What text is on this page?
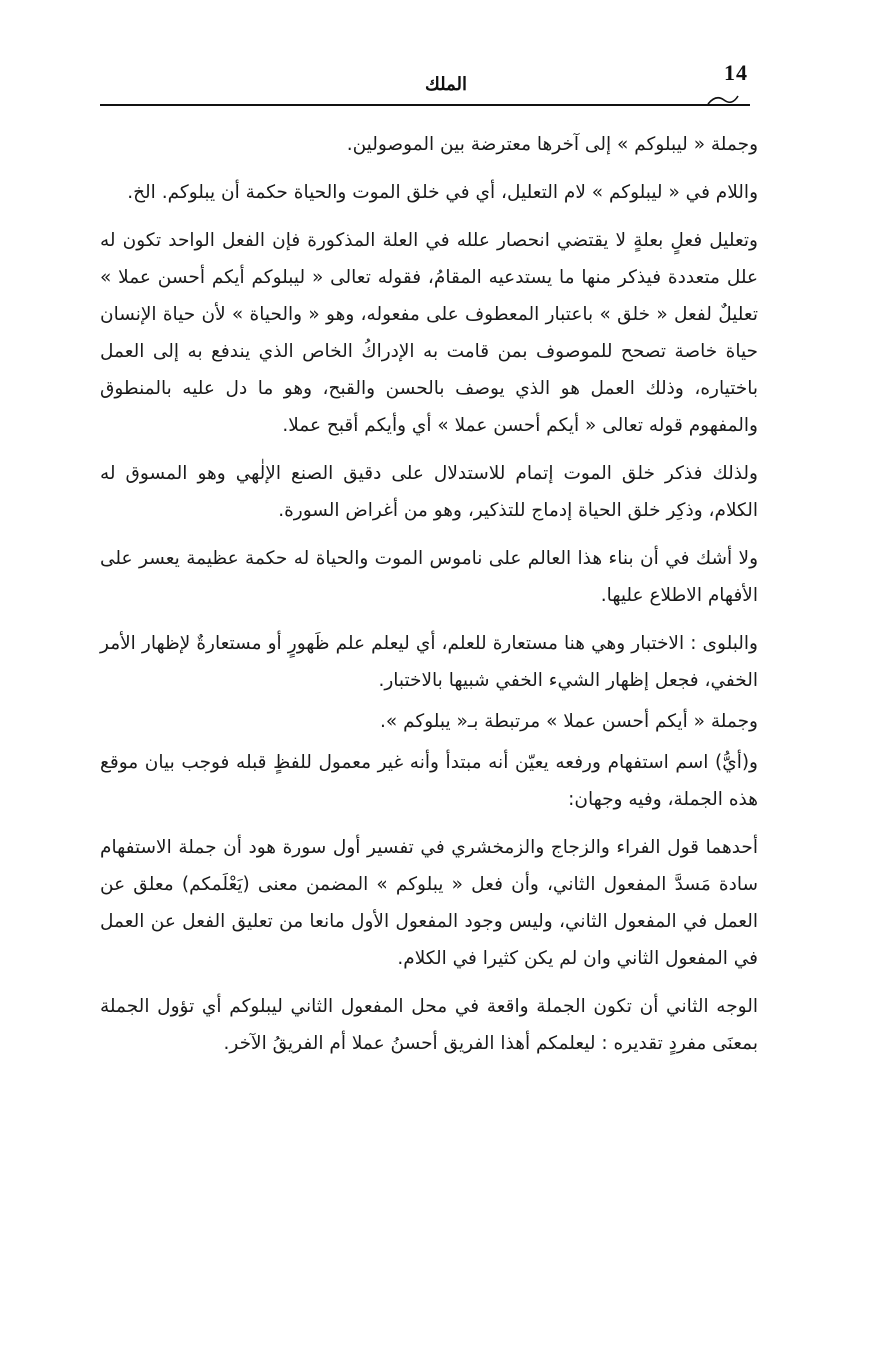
14
الملك

وجملة « ليبلوكم » إلى آخرها معترضة بين الموصولين.

واللام في « ليبلوكم » لام التعليل، أي في خلق الموت والحياة حكمة أن يبلوكم. الخ.

وتعليل فعلٍ بعلةٍ لا يقتضي انحصار علله في العلة المذكورة فإن الفعل الواحد تكون له علل متعددة فيذكر منها ما يستدعيه المقامُ، فقوله تعالى « ليبلوكم أيكم أحسن عملا » تعليلٌ لفعل « خلق » باعتبار المعطوف على مفعوله، وهو « والحياة » لأن حياة الإنسان حياة خاصة تصحح للموصوف بمن قامت به الإدراكُ الخاص الذي يندفع به إلى العمل باختياره، وذلك العمل هو الذي يوصف بالحسن والقبح، وهو ما دل عليه بالمنطوق والمفهوم قوله تعالى « أيكم أحسن عملا » أي وأيكم أقبح عملا.

ولذلك فذكر خلق الموت إتمام للاستدلال على دقيق الصنع الإلٰهي وهو المسوق له الكلام، وذكِر خلق الحياة إدماج للتذكير، وهو من أغراض السورة.

ولا أشك في أن بناء هذا العالم على ناموس الموت والحياة له حكمة عظيمة يعسر على الأفهام الاطلاع عليها.

والبلوى : الاختبار وهي هنا مستعارة للعلم، أي ليعلم علم ظَهورٍ أو مستعارةٌ لإظهار الأمر الخفي، فجعل إظهار الشيء الخفي شبيها بالاختبار.

وجملة « أيكم أحسن عملا » مرتبطة بـ« يبلوكم ».

و(أيُّ) اسم استفهام ورفعه يعيّن أنه مبتدأ وأنه غير معمول للفظٍ قبله فوجب بيان موقع هذه الجملة، وفيه وجهان:

أحدهما قول الفراء والزجاج والزمخشري في تفسير أول سورة هود أن جملة الاستفهام سادة مَسدَّ المفعول الثاني، وأن فعل « يبلوكم » المضمن معنى (يَعْلَمكم) معلق عن العمل في المفعول الثاني، وليس وجود المفعول الأول مانعا من تعليق الفعل عن العمل في المفعول الثاني وان لم يكن كثيرا في الكلام.

الوجه الثاني أن تكون الجملة واقعة في محل المفعول الثاني ليبلوكم أي تؤول الجملة بمعنَى مفردٍ تقديره : ليعلمكم أهذا الفريق أحسنُ عملا أم الفريقُ الآخر.
